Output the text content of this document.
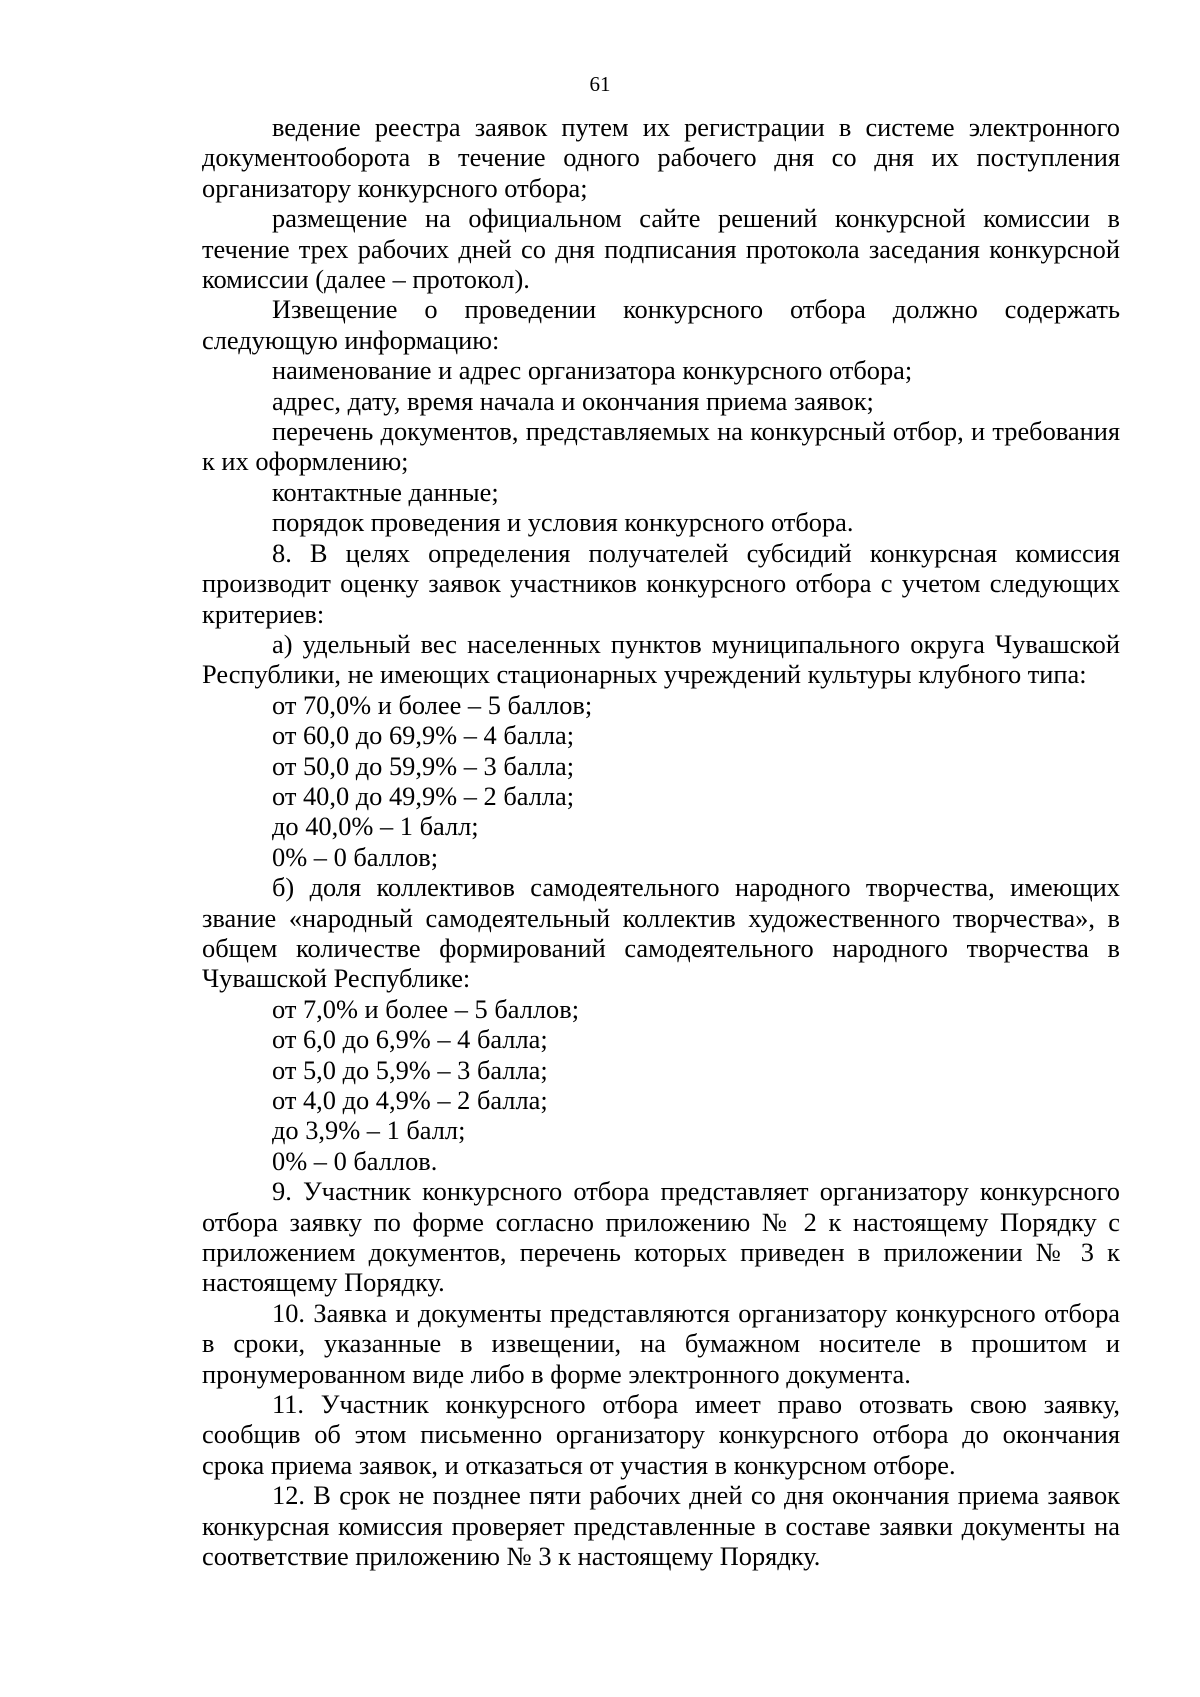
61

ведение реестра заявок путем их регистрации в системе электронного документооборота в течение одного рабочего дня со дня их поступления организатору конкурсного отбора;

размещение на официальном сайте решений конкурсной комиссии в течение трех рабочих дней со дня подписания протокола заседания конкурсной комиссии (далее – протокол).

Извещение о проведении конкурсного отбора должно содержать следующую информацию:

наименование и адрес организатора конкурсного отбора;

адрес, дату, время начала и окончания приема заявок;

перечень документов, представляемых на конкурсный отбор, и требования к их оформлению;

контактные данные;

порядок проведения и условия конкурсного отбора.

8. В целях определения получателей субсидий конкурсная комиссия производит оценку заявок участников конкурсного отбора с учетом следующих критериев:

а) удельный вес населенных пунктов муниципального округа Чувашской Республики, не имеющих стационарных учреждений культуры клубного типа:

от 70,0% и более – 5 баллов;

от 60,0 до 69,9% – 4 балла;

от 50,0 до 59,9% – 3 балла;

от 40,0 до 49,9% – 2 балла;

до 40,0% – 1 балл;

0% – 0 баллов;

б) доля коллективов самодеятельного народного творчества, имеющих звание «народный самодеятельный коллектив художественного творчества», в общем количестве формирований самодеятельного народного творчества в Чувашской Республике:

от 7,0% и более – 5 баллов;

от 6,0 до 6,9% – 4 балла;

от 5,0 до 5,9% – 3 балла;

от 4,0 до 4,9% – 2 балла;

до 3,9% – 1 балл;

0% – 0 баллов.

9. Участник конкурсного отбора представляет организатору конкурсного отбора заявку по форме согласно приложению № 2 к настоящему Порядку с приложением документов, перечень которых приведен в приложении № 3 к настоящему Порядку.

10. Заявка и документы представляются организатору конкурсного отбора в сроки, указанные в извещении, на бумажном носителе в прошитом и пронумерованном виде либо в форме электронного документа.

11. Участник конкурсного отбора имеет право отозвать свою заявку, сообщив об этом письменно организатору конкурсного отбора до окончания срока приема заявок, и отказаться от участия в конкурсном отборе.

12. В срок не позднее пяти рабочих дней со дня окончания приема заявок конкурсная комиссия проверяет представленные в составе заявки документы на соответствие приложению № 3 к настоящему Порядку.
